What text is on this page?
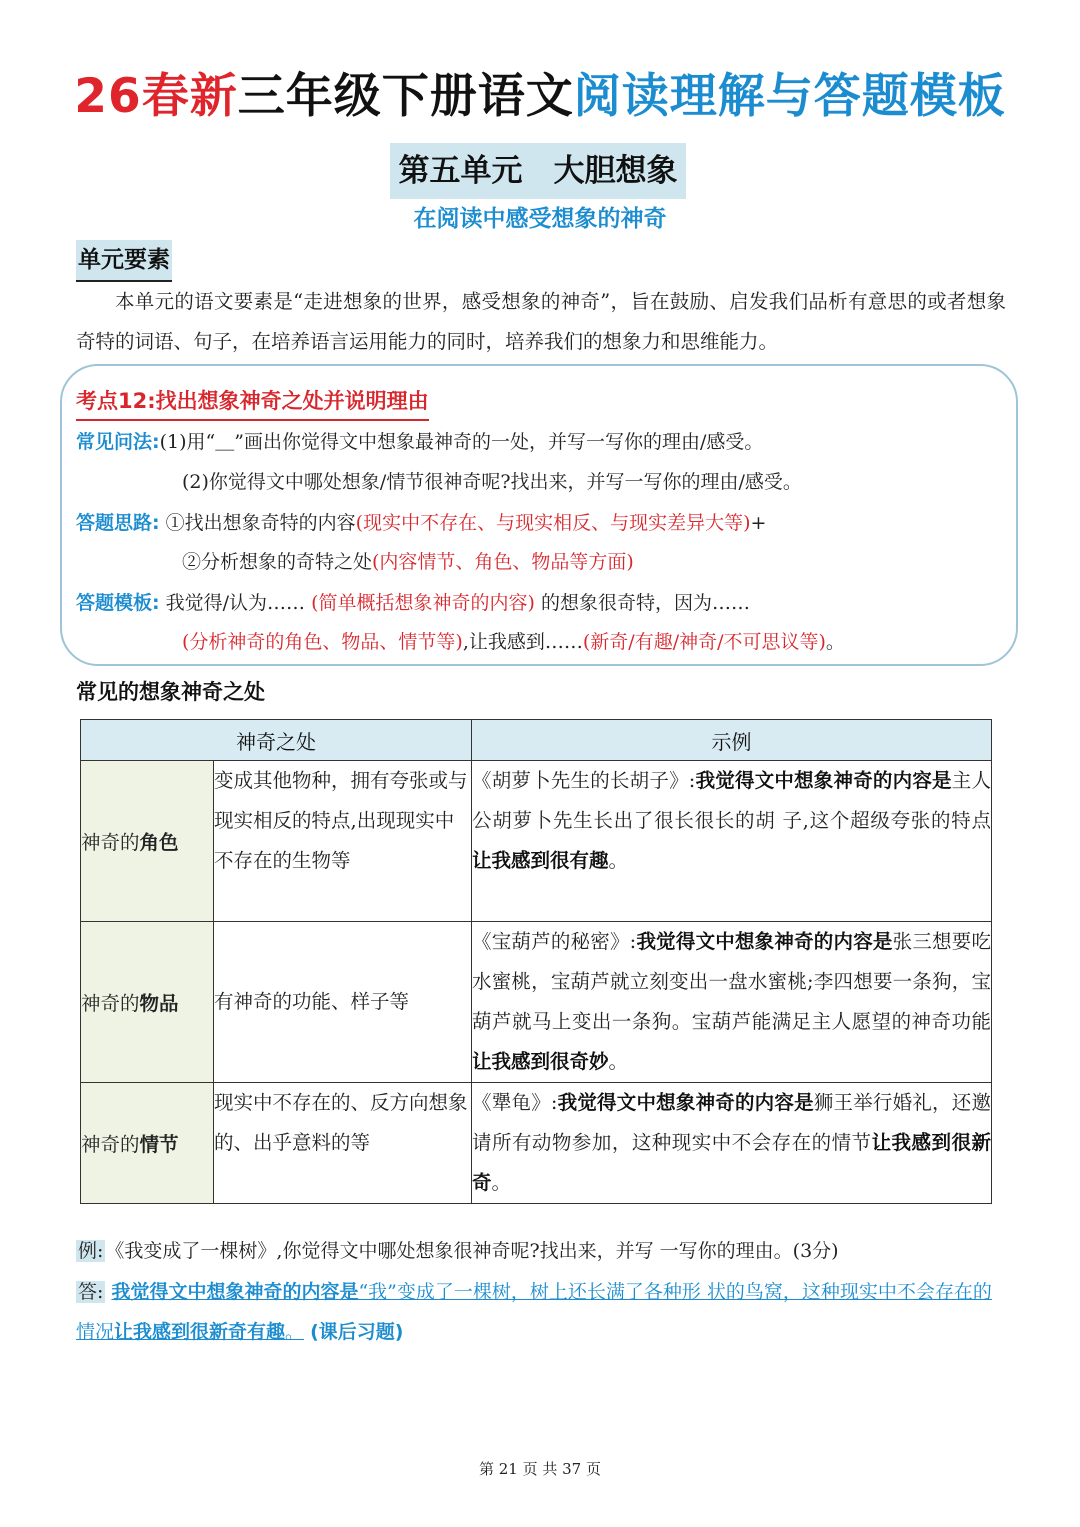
26春新三年级下册语文阅读理解与答题模板
第五单元　大胆想象
在阅读中感受想象的神奇
单元要素
本单元的语文要素是“走进想象的世界，感受想象的神奇”，旨在鼓励、启发我们品析有意思的或者想象奇特的词语、句子，在培养语言运用能力的同时，培养我们的想象力和思维能力。
考点12:找出想象神奇之处并说明理由
常见问法:(1)用“＿”画出你觉得文中想象最神奇的一处，并写一写你的理由/感受。
(2)你觉得文中哪处想象/情节很神奇呢?找出来，并写一写你的理由/感受。
答题思路: ①找出想象奇特的内容(现实中不存在、与现实相反、与现实差异大等)+
②分析想象的奇特之处(内容情节、角色、物品等方面)
答题模板: 我觉得/认为…… (简单概括想象神奇的内容) 的想象很奇特，因为……
(分析神奇的角色、物品、情节等),让我感到……(新奇/有趣/神奇/不可思议等)。
常见的想象神奇之处
神奇之处		示例
神奇的角色	变成其他物种，拥有夸张或与现实相反的特点,出现现实中不存在的生物等	《胡萝卜先生的长胡子》:我觉得文中想象神奇的内容是主人公胡萝卜先生长出了很长很长的胡 子,这个超级夸张的特点让我感到很有趣。
神奇的物品	有神奇的功能、样子等	《宝葫芦的秘密》:我觉得文中想象神奇的内容是张三想要吃水蜜桃，宝葫芦就立刻变出一盘水蜜桃;李四想要一条狗，宝葫芦就马上变出一条狗。宝葫芦能满足主人愿望的神奇功能让我感到很奇妙。
神奇的情节	现实中不存在的、反方向想象的、出乎意料的等	《犟龟》:我觉得文中想象神奇的内容是狮王举行婚礼，还邀请所有动物参加，这种现实中不会存在的情节让我感到很新奇。
例: 《我变成了一棵树》,你觉得文中哪处想象很神奇呢?找出来，并写 一写你的理由。(3分)
答: 我觉得文中想象神奇的内容是“我”变成了一棵树，树上还长满了各种形 状的鸟窝，这种现实中不会存在的情况让我感到很新奇有趣。 (课后习题)
第 21 页 共 37 页
